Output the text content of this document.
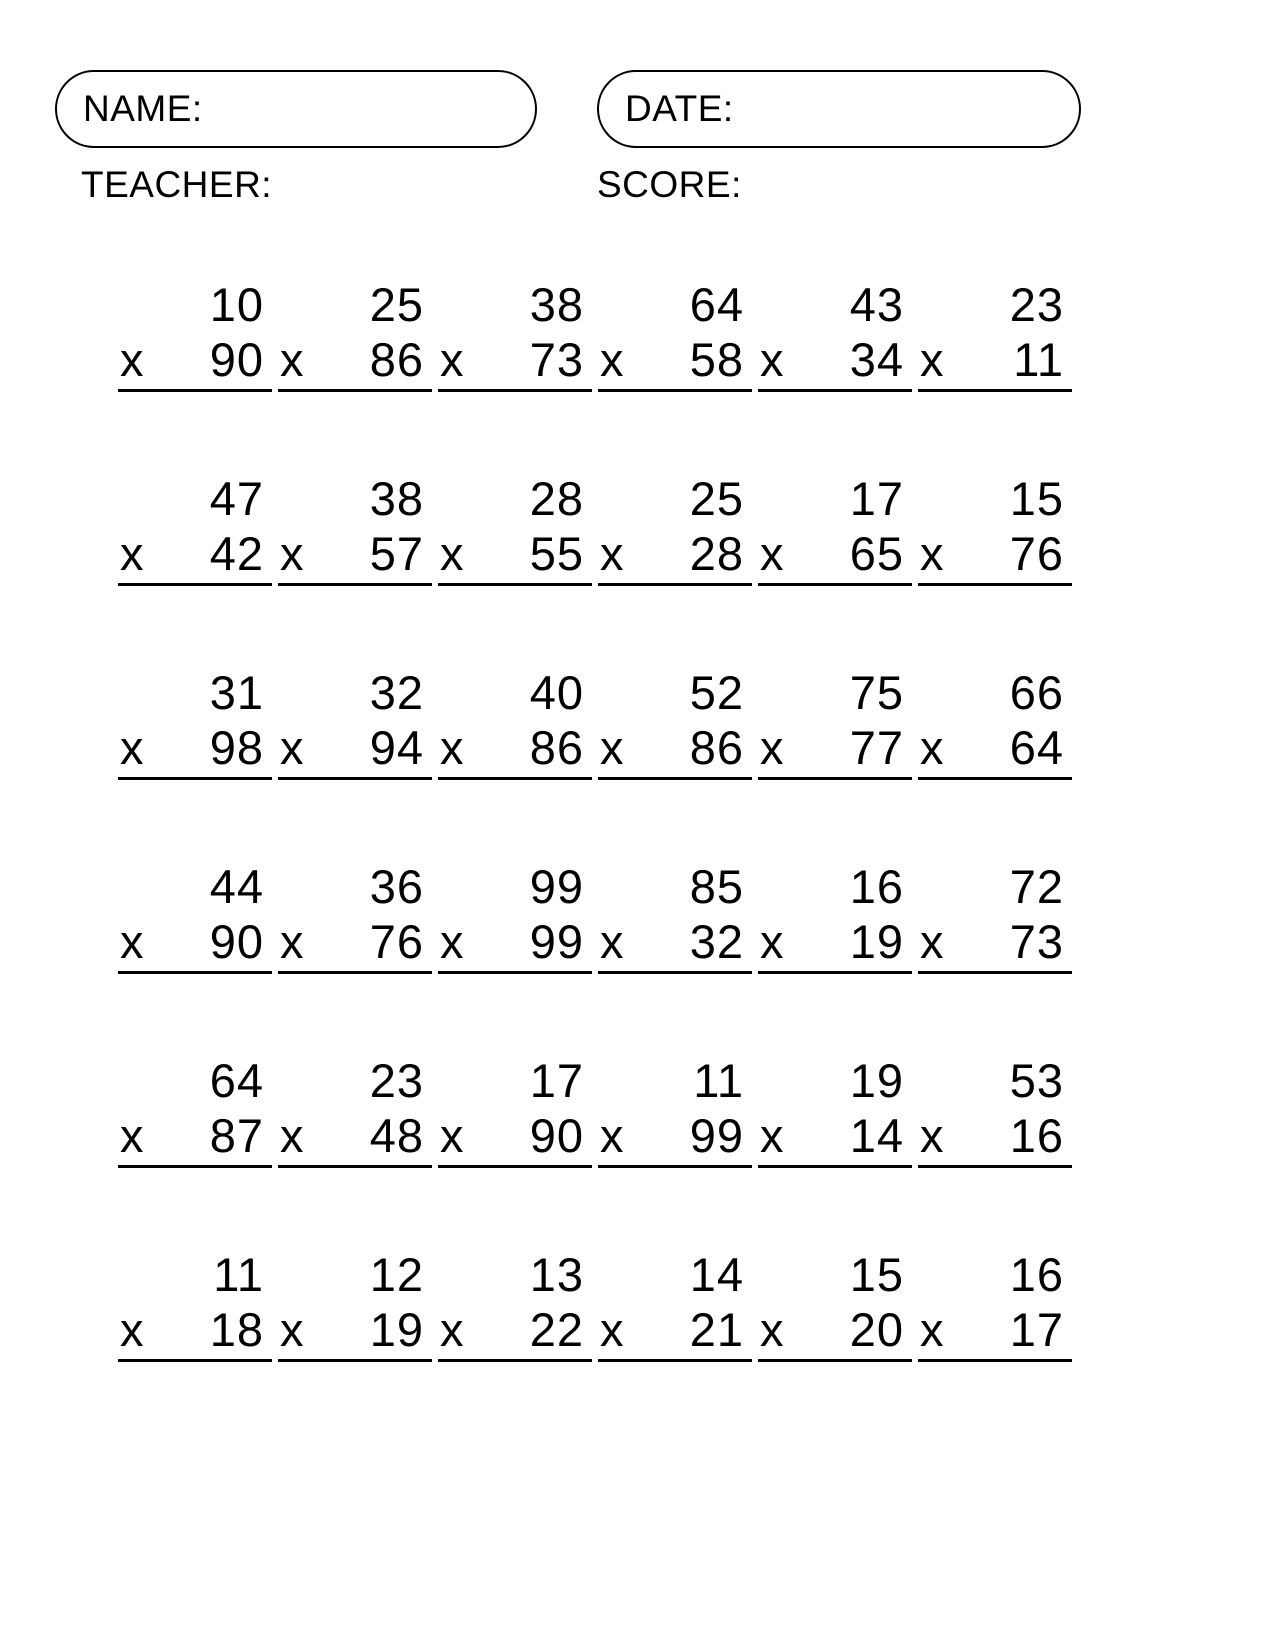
NAME:	DATE:
TEACHER:	SCORE:
10
x 90
25
x 86
38
x 73
64
x 58
43
x 34
23
x 11
47
x 42
38
x 57
28
x 55
25
x 28
17
x 65
15
x 76
31
x 98
32
x 94
40
x 86
52
x 86
75
x 77
66
x 64
44
x 90
36
x 76
99
x 99
85
x 32
16
x 19
72
x 73
64
x 87
23
x 48
17
x 90
11
x 99
19
x 14
53
x 16
11
x 18
12
x 19
13
x 22
14
x 21
15
x 20
16
x 17
